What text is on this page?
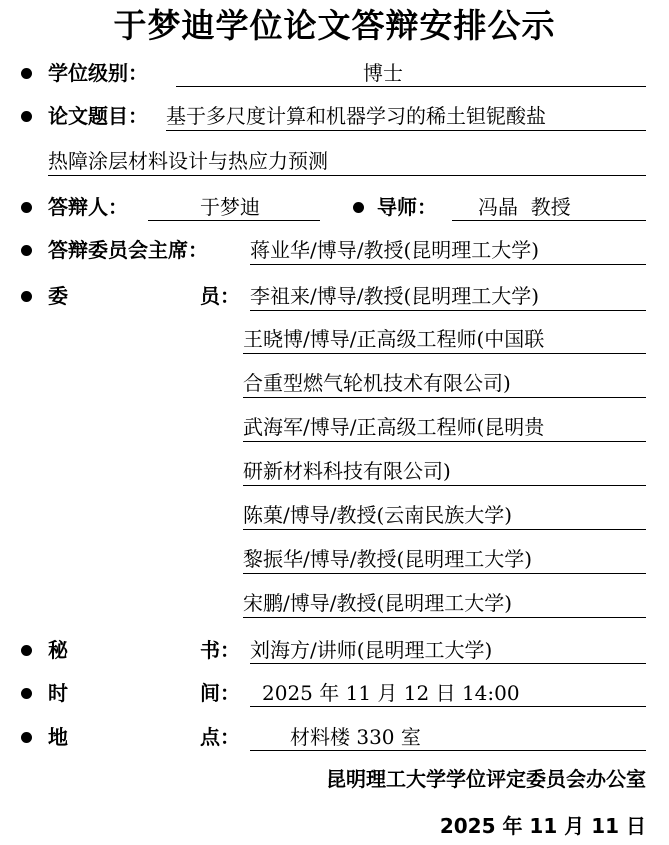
于梦迪学位论文答辩安排公示
学位级别：	博士
论文题目： 基于多尺度计算和机器学习的稀土钽铌酸盐
热障涂层材料设计与热应力预测
答辩人：	于梦迪	导师： 冯晶  教授
答辩委员会主席： 蒋业华/博导/教授(昆明理工大学)
委	员： 李祖来/博导/教授(昆明理工大学)
王晓博/博导/正高级工程师(中国联
合重型燃气轮机技术有限公司)
武海军/博导/正高级工程师(昆明贵
研新材料科技有限公司)
陈菓/博导/教授(云南民族大学)
黎振华/博导/教授(昆明理工大学)
宋鹏/博导/教授(昆明理工大学)
秘	书： 刘海方/讲师(昆明理工大学)
时	间： 2025 年 11 月 12 日 14:00
地	点：	材料楼 330 室
昆明理工大学学位评定委员会办公室
2025 年 11 月 11 日
